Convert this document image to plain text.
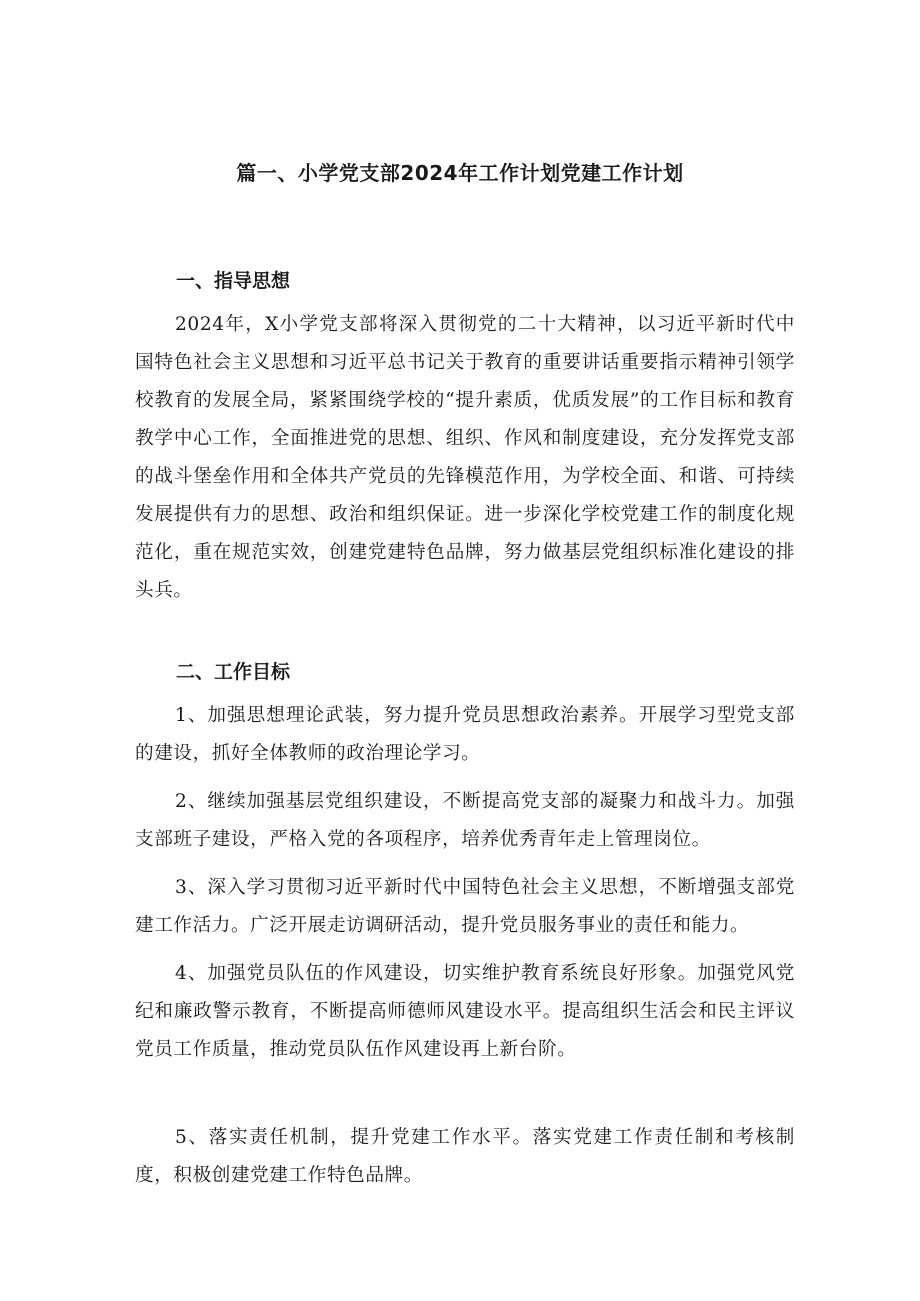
篇一、小学党支部2024年工作计划党建工作计划
一、指导思想

2024年，X小学党支部将深入贯彻党的二十大精神，以习近平新时代中国特色社会主义思想和习近平总书记关于教育的重要讲话重要指示精神引领学校教育的发展全局，紧紧围绕学校的“提升素质，优质发展”的工作目标和教育教学中心工作，全面推进党的思想、组织、作风和制度建设，充分发挥党支部的战斗堡垒作用和全体共产党员的先锋模范作用，为学校全面、和谐、可持续发展提供有力的思想、政治和组织保证。进一步深化学校党建工作的制度化规范化，重在规范实效，创建党建特色品牌，努力做基层党组织标准化建设的排头兵。

二、工作目标

1、加强思想理论武装，努力提升党员思想政治素养。开展学习型党支部的建设，抓好全体教师的政治理论学习。

2、继续加强基层党组织建设，不断提高党支部的凝聚力和战斗力。加强支部班子建设，严格入党的各项程序，培养优秀青年走上管理岗位。

3、深入学习贯彻习近平新时代中国特色社会主义思想，不断增强支部党建工作活力。广泛开展走访调研活动，提升党员服务事业的责任和能力。

4、加强党员队伍的作风建设，切实维护教育系统良好形象。加强党风党纪和廉政警示教育，不断提高师德师风建设水平。提高组织生活会和民主评议党员工作质量，推动党员队伍作风建设再上新台阶。

5、落实责任机制，提升党建工作水平。落实党建工作责任制和考核制度，积极创建党建工作特色品牌。
